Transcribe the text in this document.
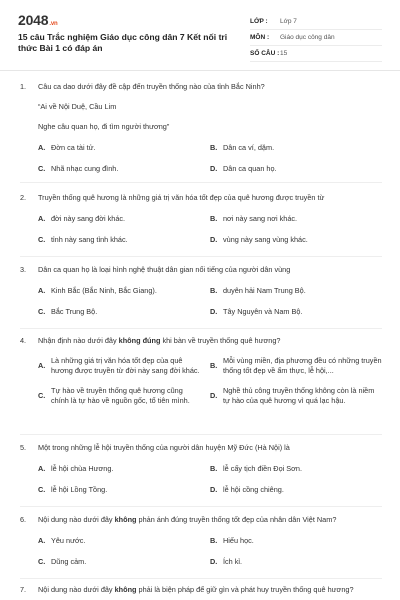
2048.vn
15 câu Trắc nghiệm Giáo dục công dân 7 Kết nối tri thức Bài 1 có đáp án
LỚP :	Lớp 7
MÔN :	Giáo dục công dân
SỐ CÂU : 15
1.	Câu ca dao dưới đây đề cập đến truyền thống nào của tỉnh Bắc Ninh?
“Ai về Nội Duệ, Cầu Lim
Nghe câu quan họ, đi tìm người thương”
A. Đờn ca tài tử.	B. Dân ca ví, dặm.
C. Nhã nhạc cung đình.	D. Dân ca quan họ.
2.	Truyền thống quê hương là những giá trị văn hóa tốt đẹp của quê hương được truyền từ
A. đời này sang đời khác.	B. nơi này sang nơi khác.
C. tỉnh này sang tỉnh khác.	D. vùng này sang vùng khác.
3.	Dân ca quan họ là loại hình nghệ thuật dân gian nổi tiếng của người dân vùng
A. Kinh Bắc (Bắc Ninh, Bắc Giang).	B. duyên hải Nam Trung Bộ.
C. Bắc Trung Bộ.	D. Tây Nguyên và Nam Bộ.
4.	Nhận định nào dưới đây không đúng khi bàn về truyền thống quê hương?
A.
Là những giá trị văn hóa tốt đẹp của quê hương được truyền từ đời này sang đời khác.
B.
Mỗi vùng miền, địa phương đều có những truyền thống tốt đẹp về ẩm thực, lễ hội,...
C.
Tự hào về truyền thống quê hương cũng chính là tự hào về nguồn gốc, tổ tiên mình.
D.
Nghề thủ công truyền thống không còn là niềm tự hào của quê hương vì quá lạc hậu.
5.	Một trong những lễ hội truyền thống của người dân huyện Mỹ Đức (Hà Nội) là
A. lễ hội chùa Hương.	B. lễ cấy tịch điền Đọi Sơn.
C. lễ hội Lồng Tồng.	D. lễ hội cồng chiêng.
6.	Nội dung nào dưới đây không phản ánh đúng truyền thống tốt đẹp của nhân dân Việt Nam?
A. Yêu nước.	B. Hiếu học.
C. Dũng cảm.	D. Ích kỉ.
7.	Nội dung nào dưới đây không phải là biện pháp để giữ gìn và phát huy truyền thống quê hương?
